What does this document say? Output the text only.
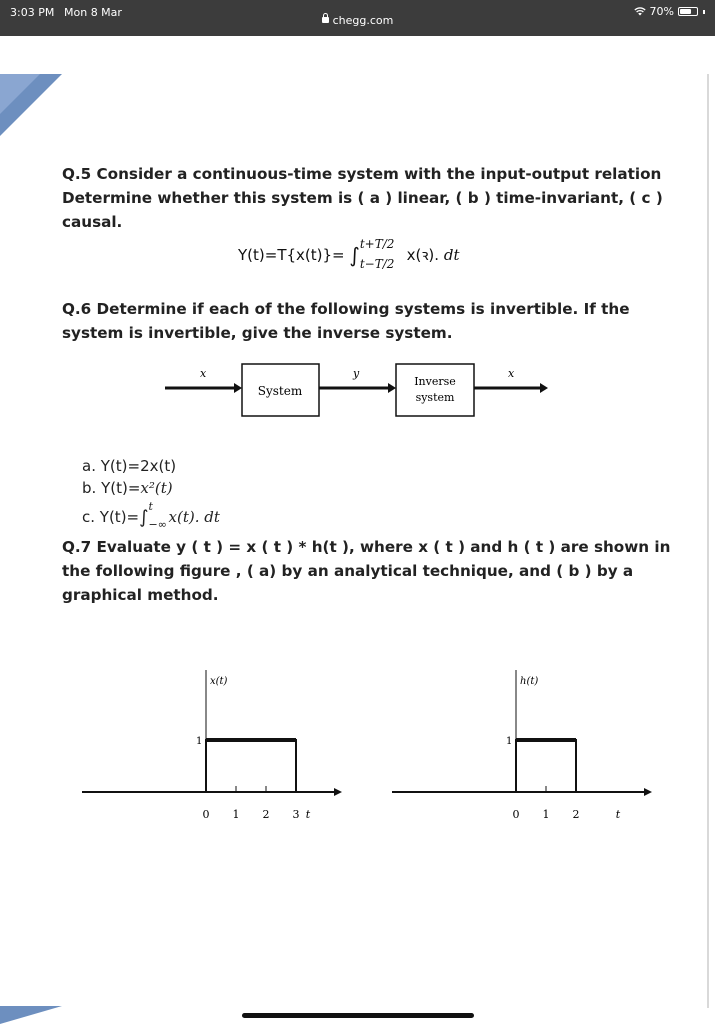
3:03 PM Mon 8 Mar	70%
chegg.com
Q.5 Consider a continuous-time system with the input-output relation
Determine whether this system is ( a ) linear, ( b ) time-invariant, ( c )
causal.
Y(t)=T{x(t)}= ∫ t+T/2
t−T/2 x(ꝛ). dt
Q.6 Determine if each of the following systems is invertible. If the
system is invertible, give the inverse system.
x
System
y
Inverse
system
x
a. Y(t)=2x(t)
b. Y(t)=x²(t)
c. Y(t)=∫
t
−∞ x(t). dt
Q.7 Evaluate y ( t ) = x ( t ) * h(t ), where x ( t ) and h ( t ) are shown in
the following figure , ( a) by an analytical technique, and ( b ) by a
graphical method.
x(t)
1
0 1 2 3 t
h(t)
1
0 1 2	t
